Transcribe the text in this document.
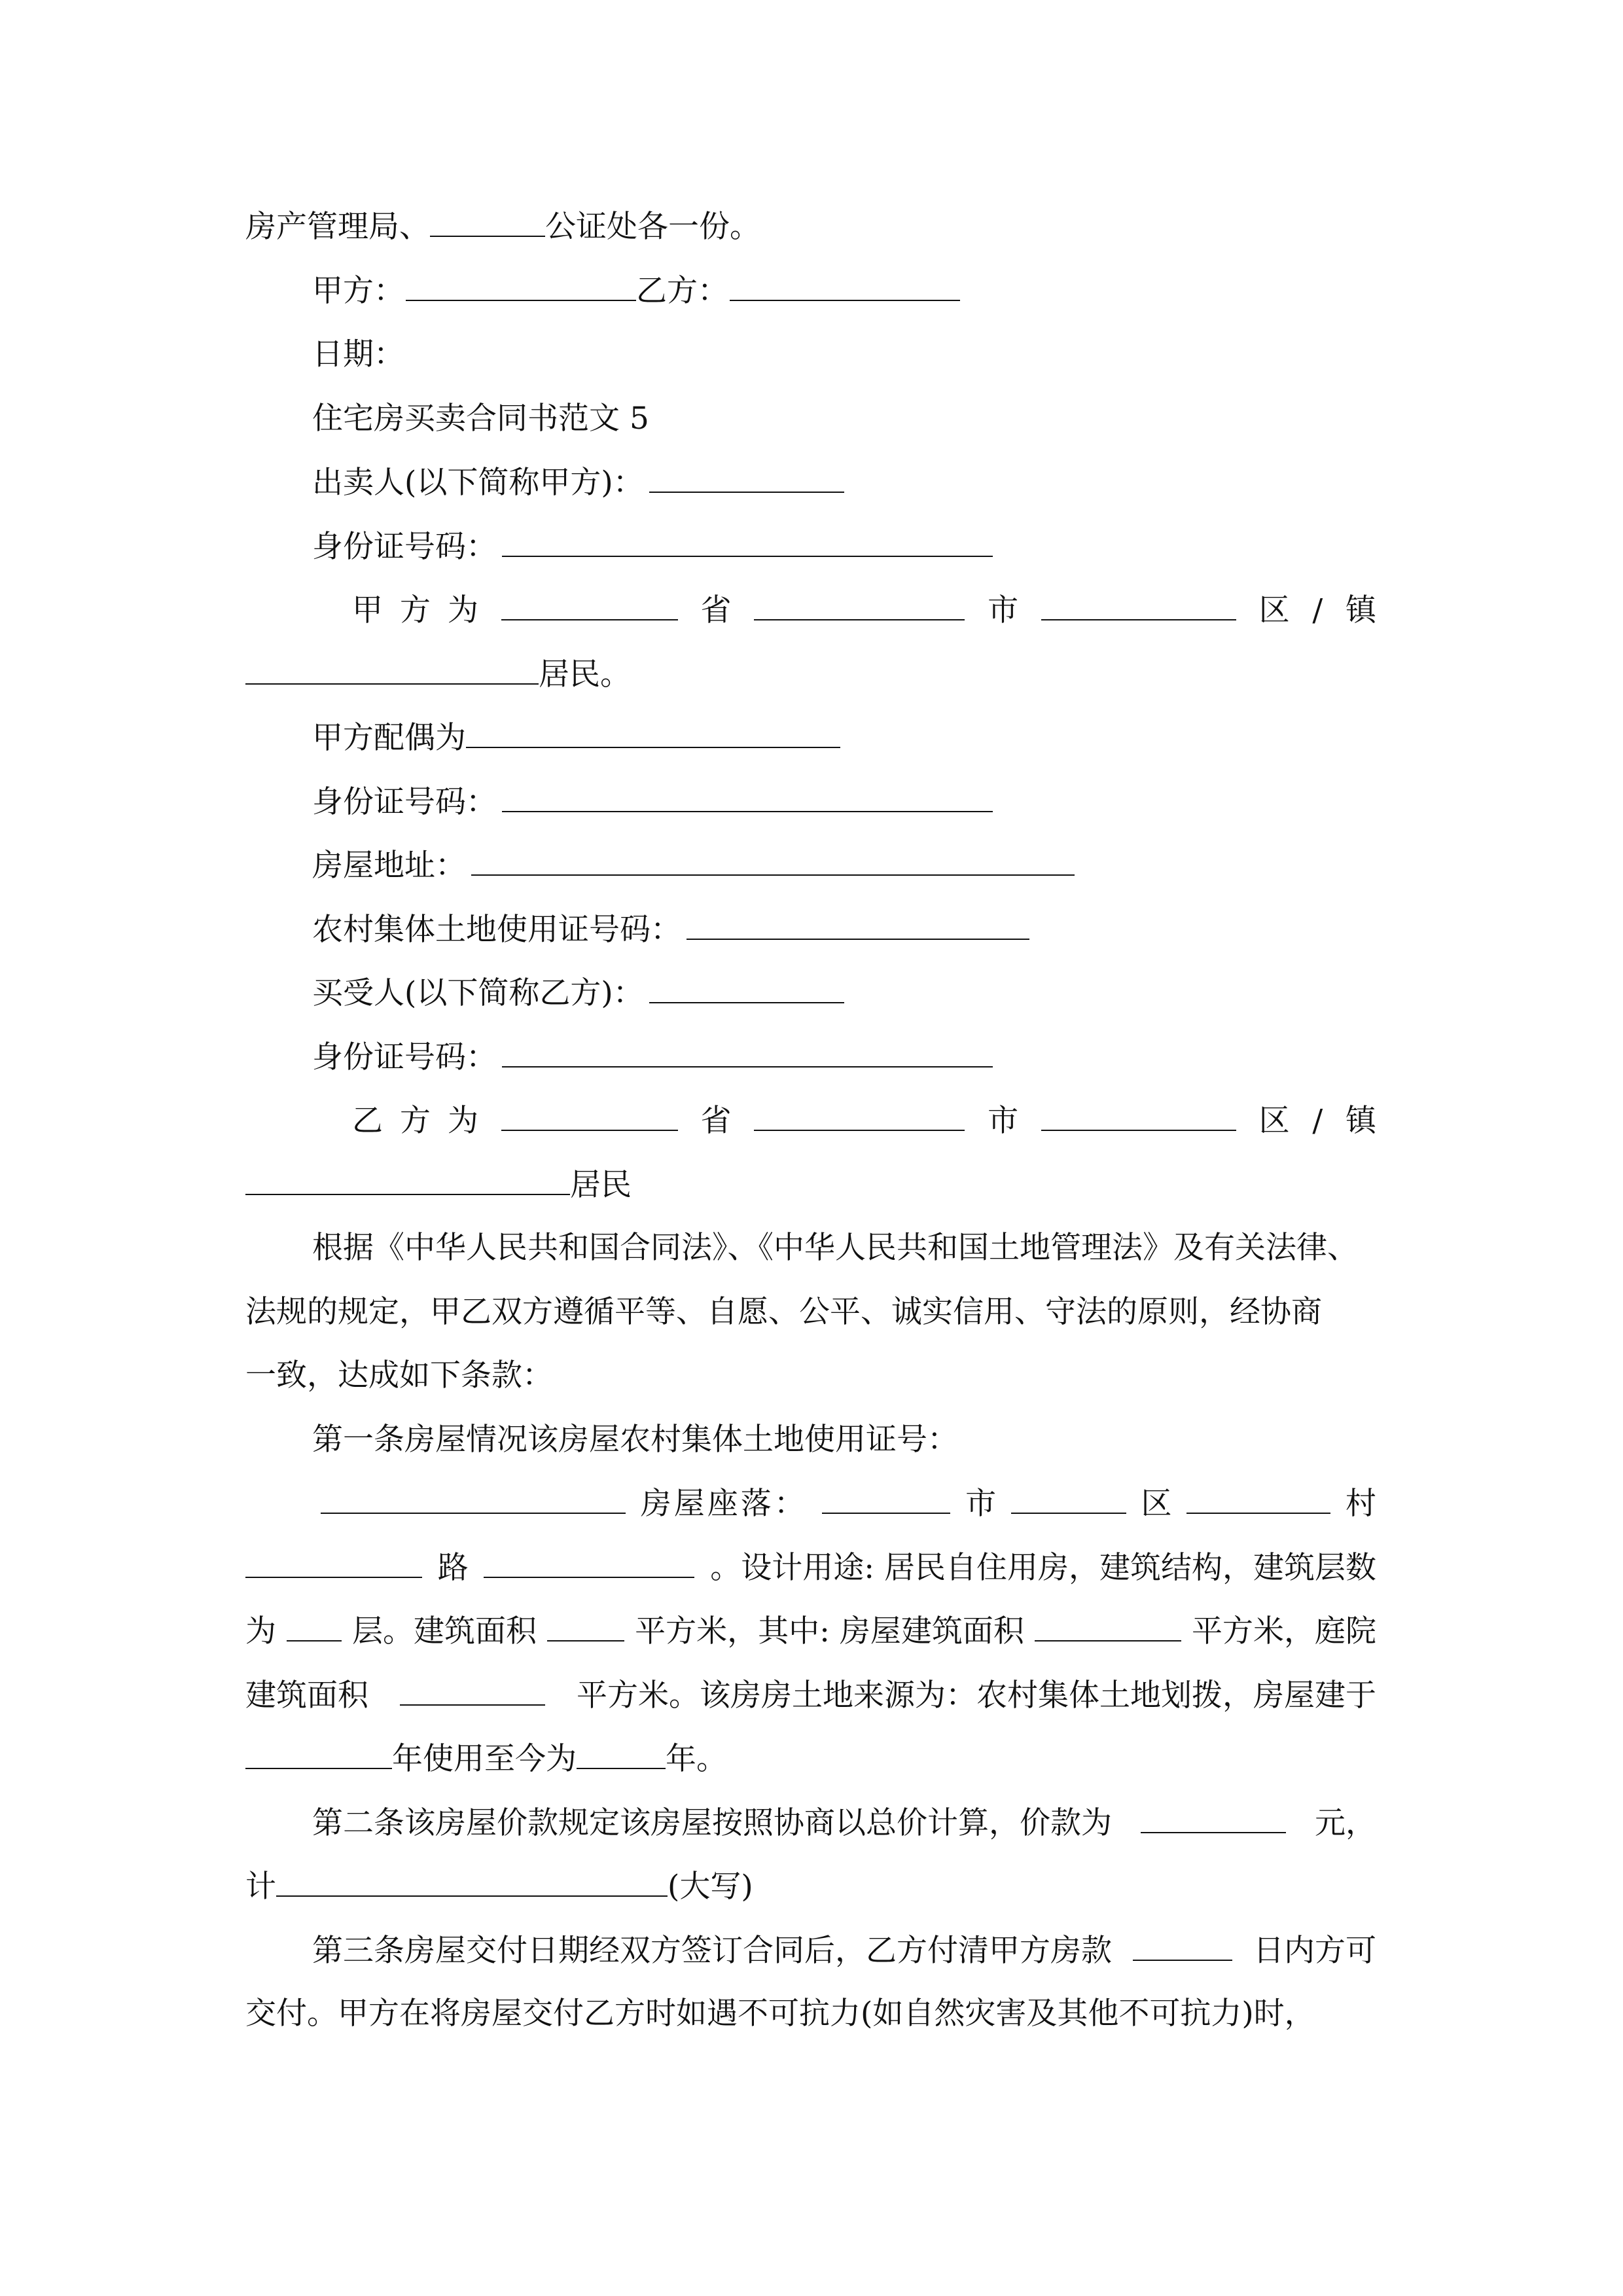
房产管理局、	公证处各一份。
甲方：	乙方：
日期：
住宅房买卖合同书范文 5
出卖人(以下简称甲方)：
身份证号码：
甲 方 为	省	市	区 / 镇
居民。
甲方配偶为
身份证号码：
房屋地址：
农村集体土地使用证号码：
买受人(以下简称乙方)：
身份证号码：
乙 方 为	省	市	区 / 镇
居民
根据《中华人民共和国合同法》、《中华人民共和国土地管理法》及有关法律、
法规的规定，甲乙双方遵循平等、自愿、公平、诚实信用、守法的原则，经协商
一致，达成如下条款：
第一条房屋情况该房屋农村集体土地使用证号：
房屋座落：	市	区	村
路	。设计用途: 居民自住用房，建筑结构，建筑层数
为 层。建筑面积	平方米，其中: 房屋建筑面积	平方米，庭院
建筑面积	平方米。该房房土地来源为：农村集体土地划拨，房屋建于
年使用至今为	年。
第二条该房屋价款规定该房屋按照协商以总价计算，价款为	元，
计	(大写)
第三条房屋交付日期经双方签订合同后，乙方付清甲方房款	日内方可
交付。甲方在将房屋交付乙方时如遇不可抗力(如自然灾害及其他不可抗力)时，
